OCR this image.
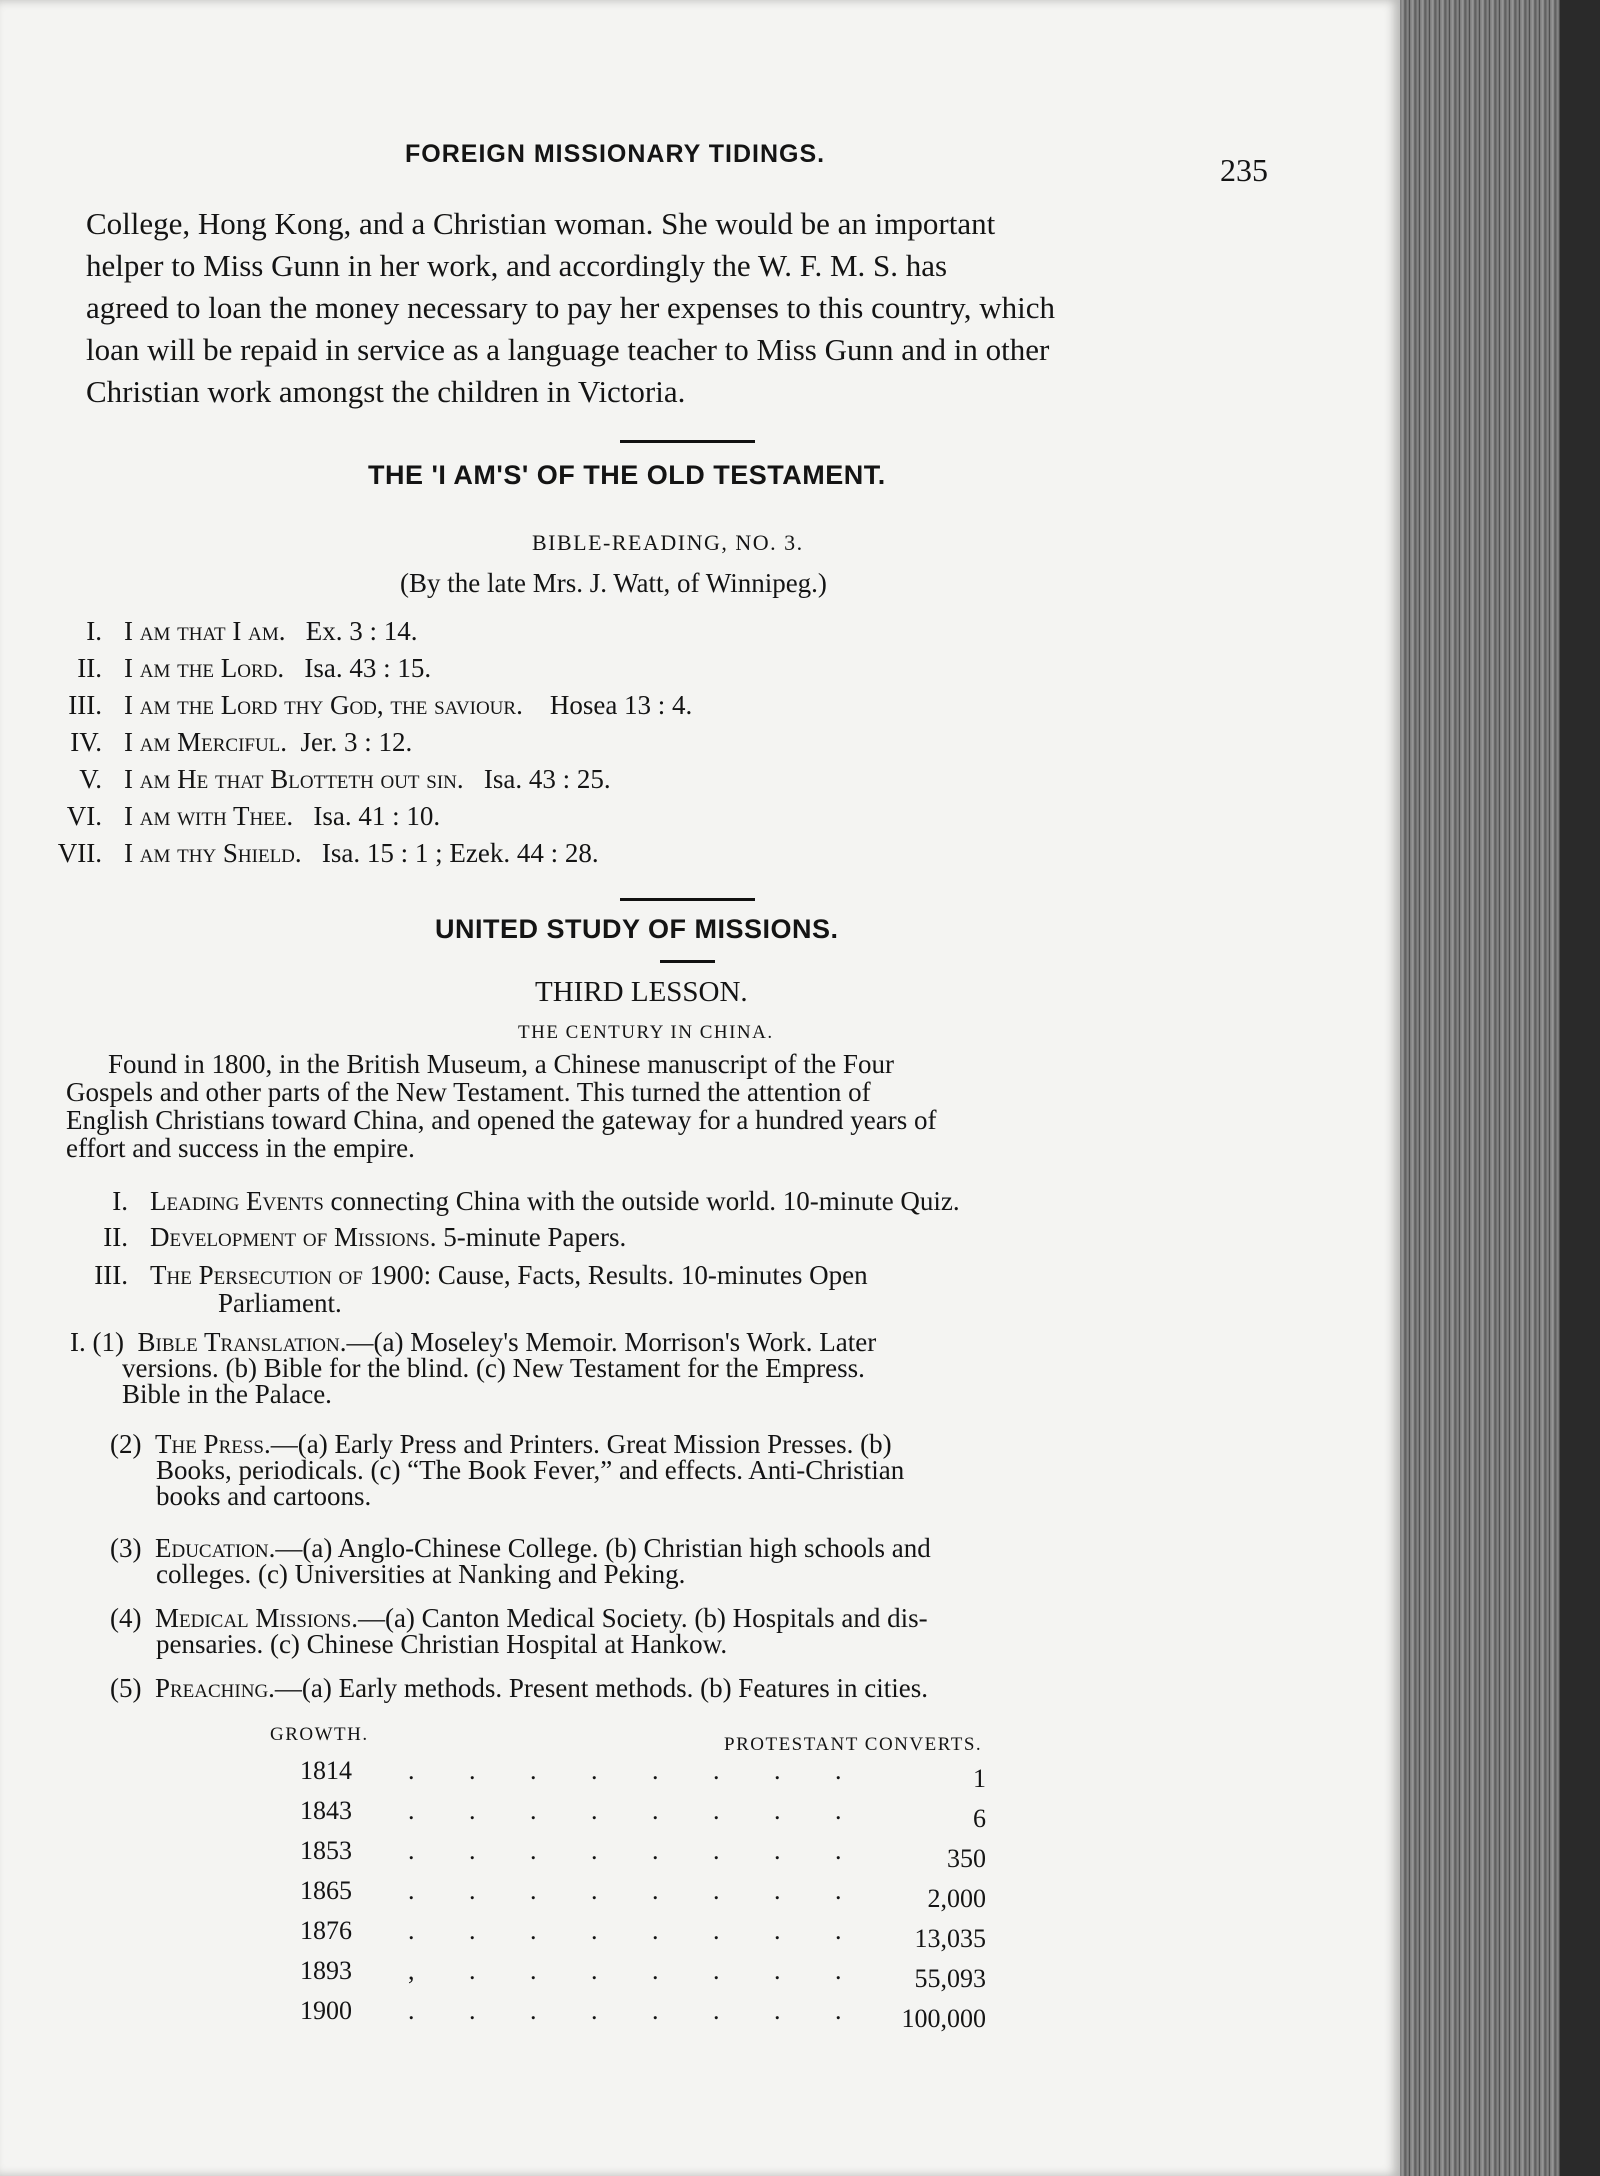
FOREIGN MISSIONARY TIDINGS.	235
College, Hong Kong, and a Christian woman. She would be an important
helper to Miss Gunn in her work, and accordingly the W. F. M. S. has
agreed to loan the money necessary to pay her expenses to this country, which
loan will be repaid in service as a language teacher to Miss Gunn and in other
Christian work amongst the children in Victoria.
THE 'I AM'S' OF THE OLD TESTAMENT.
BIBLE-READING, NO. 3.
(By the late Mrs. J. Watt, of Winnipeg.)
I. I am that I am. Ex. 3 : 14.
II. I am the Lord. Isa. 43 : 15.
III. I am the Lord thy God, the saviour. Hosea 13 : 4.
IV. I am Merciful. Jer. 3 : 12.
V. I am He that Blotteth out sin. Isa. 43 : 25.
VI. I am with Thee. Isa. 41 : 10.
VII. I am thy Shield. Isa. 15 : 1 ; Ezek. 44 : 28.
UNITED STUDY OF MISSIONS.
THIRD LESSON.
THE CENTURY IN CHINA.
Found in 1800, in the British Museum, a Chinese manuscript of the Four
Gospels and other parts of the New Testament. This turned the attention of
English Christians toward China, and opened the gateway for a hundred years of
effort and success in the empire.
I. Leading Events connecting China with the outside world. 10-minute Quiz.
II. Development of Missions. 5-minute Papers.
III. The Persecution of 1900: Cause, Facts, Results. 10-minutes Open
Parliament.
I. (1) Bible Translation.—(a) Moseley's Memoir. Morrison's Work. Later
versions. (b) Bible for the blind. (c) New Testament for the Empress.
Bible in the Palace.
(2) The Press.—(a) Early Press and Printers. Great Mission Presses. (b)
Books, periodicals. (c) “The Book Fever,” and effects. Anti-Christian
books and cartoons.
(3) Education.—(a) Anglo-Chinese College. (b) Christian high schools and
colleges. (c) Universities at Nanking and Peking.
(4) Medical Missions.—(a) Canton Medical Society. (b) Hospitals and dis-
pensaries. (c) Chinese Christian Hospital at Hankow.
(5) Preaching.—(a) Early methods. Present methods. (b) Features in cities.
GROWTH.	PROTESTANT CONVERTS.
1814	. . . . . . . .	1
1843	. . . . . . . .	6
1853	. . . . . . . .	350
1865	. . . . . . . .	2,000
1876	. . . . . . . .	13,035
1893	, . . . . . . .	55,093
1900	. . . . . . . .	100,000
